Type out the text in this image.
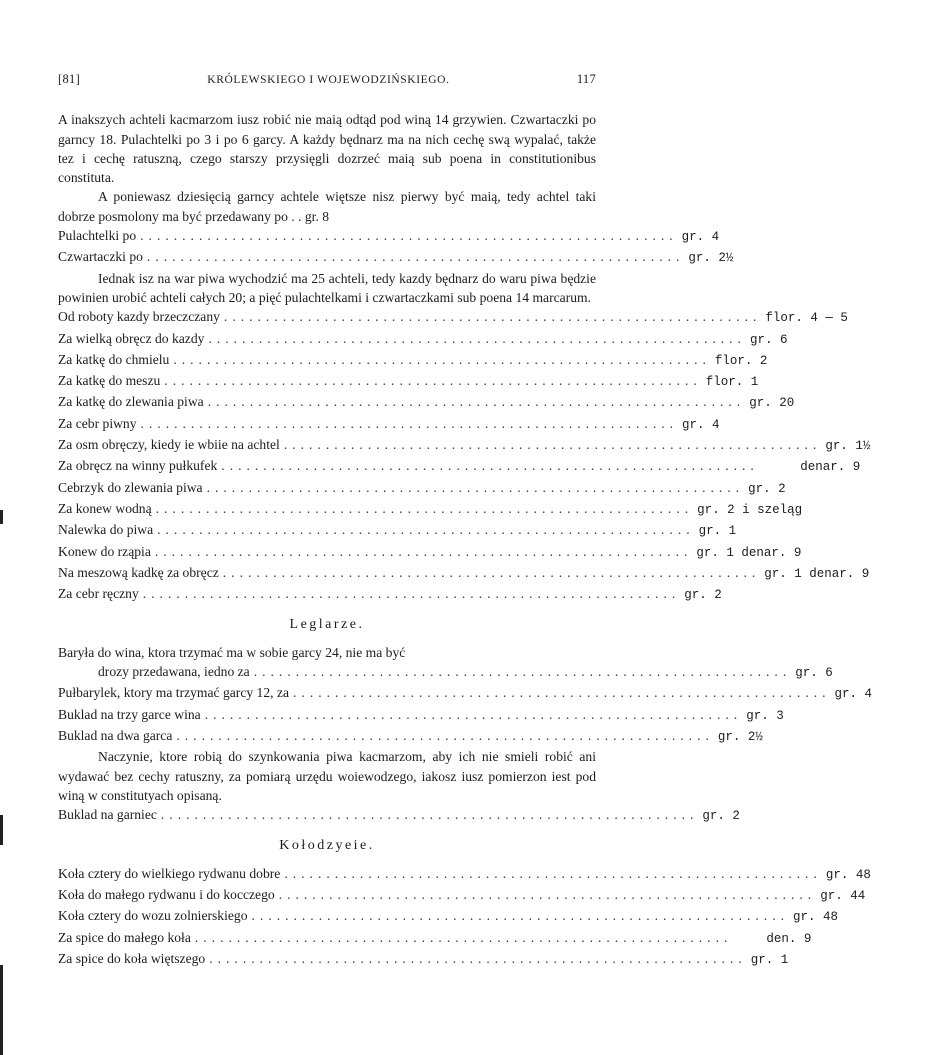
[81]	KRÓLEWSKIEGO I WOJEWODZIŃSKIEGO.	117

A inakszych achteli kacmarzom iusz robić nie maią odtąd pod winą 14 grzywien. Czwartaczki po garncy 18. Pulachtelki po 3 i po 6 garcy. A każdy będnarz ma na nich cechę swą wypalać, także tez i cechę ratuszną, czego starszy przysięgli dozrzeć maią sub poena in constitutionibus constituta.

A poniewasz dziesięcią garncy achtele więtsze nisz pierwy być maią, tedy achtel taki dobrze posmolony ma być przedawany po . . gr. 8

Pulachtelki po ................................................................ gr. 4
Czwartaczki po ................................................................ gr. 2½

Iednak isz na war piwa wychodzić ma 25 achteli, tedy kazdy będnarz do waru piwa będzie powinien urobić achteli całych 20; a pięć pulachtelkami i czwartaczkami sub poena 14 marcarum.

Od roboty kazdy brzeczczany ................................................................ flor. 4 — 5
Za wielką obręcz do kazdy ................................................................ gr. 6
Za katkę do chmielu ................................................................ flor. 2
Za katkę do meszu ................................................................ flor. 1
Za katkę do zlewania piwa ................................................................ gr. 20
Za cebr piwny ................................................................ gr. 4
Za osm obręczy, kiedy ie wbiie na achtel ................................................................ gr. 1½
Za obręcz na winny pułkufek ................................................................ denar. 9
Cebrzyk do zlewania piwa ................................................................ gr. 2
Za konew wodną ................................................................ gr. 2 i szeląg
Nalewka do piwa ................................................................ gr. 1
Konew do rząpia ................................................................ gr. 1 denar. 9
Na meszową kadkę za obręcz ................................................................ gr. 1 denar. 9
Za cebr ręczny ................................................................ gr. 2
Leglarze.
Baryła do wina, ktora trzymać ma w sobie garcy 24, nie ma być
drozy przedawana, iedno za ................................................................ gr. 6
Pułbarylek, ktory ma trzymać garcy 12, za ................................................................ gr. 4
Buklad na trzy garce wina ................................................................ gr. 3
Buklad na dwa garca ................................................................ gr. 2½

Naczynie, ktore robią do szynkowania piwa kacmarzom, aby ich nie smieli robić ani wydawać bez cechy ratuszny, za pomiarą urzędu woiewodzego, iakosz iusz pomierzon iest pod winą w constitutyach opisaną.

Buklad na garniec ................................................................ gr. 2
Kołodzyeie.
Koła cztery do wielkiego rydwanu dobre ................................................................ gr. 48
Koła do małego rydwanu i do kocczego ................................................................ gr. 44
Koła cztery do wozu zolnierskiego ................................................................ gr. 48
Za spice do małego koła ................................................................ den. 9
Za spice do koła więtszego ................................................................ gr. 1
